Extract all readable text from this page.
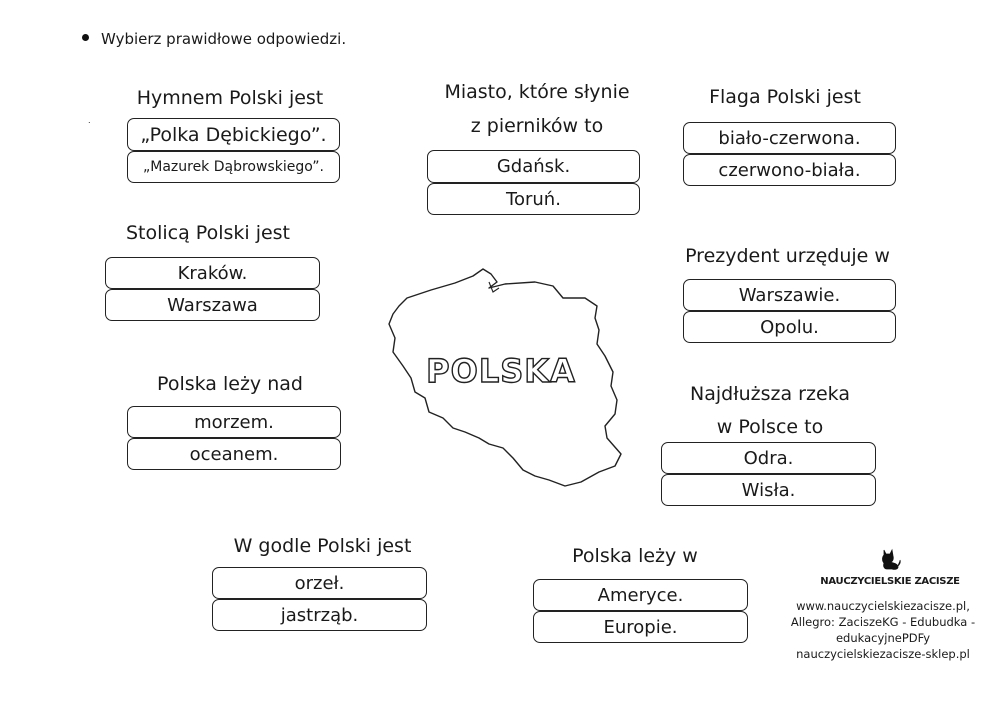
Wybierz prawidłowe odpowiedzi.
.
Hymnem Polski jest
„Polka Dębickiego”.
„Mazurek Dąbrowskiego”.
Miasto, które słynie
z pierników to
Gdańsk.
Toruń.
Flaga Polski jest
biało-czerwona.
czerwono-biała.
Stolicą Polski jest
Kraków.
Warszawa
Prezydent urzęduje w
Warszawie.
Opolu.
Polska leży nad
morzem.
oceanem.
Najdłuższa rzeka
w Polsce to
Odra.
Wisła.
W godle Polski jest
orzeł.
jastrząb.
Polska leży w
Ameryce.
Europie.
POLSKA
NAUCZYCIELSKIE ZACISZE
www.nauczycielskiezacisze.pl,
Allegro: ZaciszeKG - Edubudka -
edukacyjnePDFy
nauczycielskiezacisze-sklep.pl
